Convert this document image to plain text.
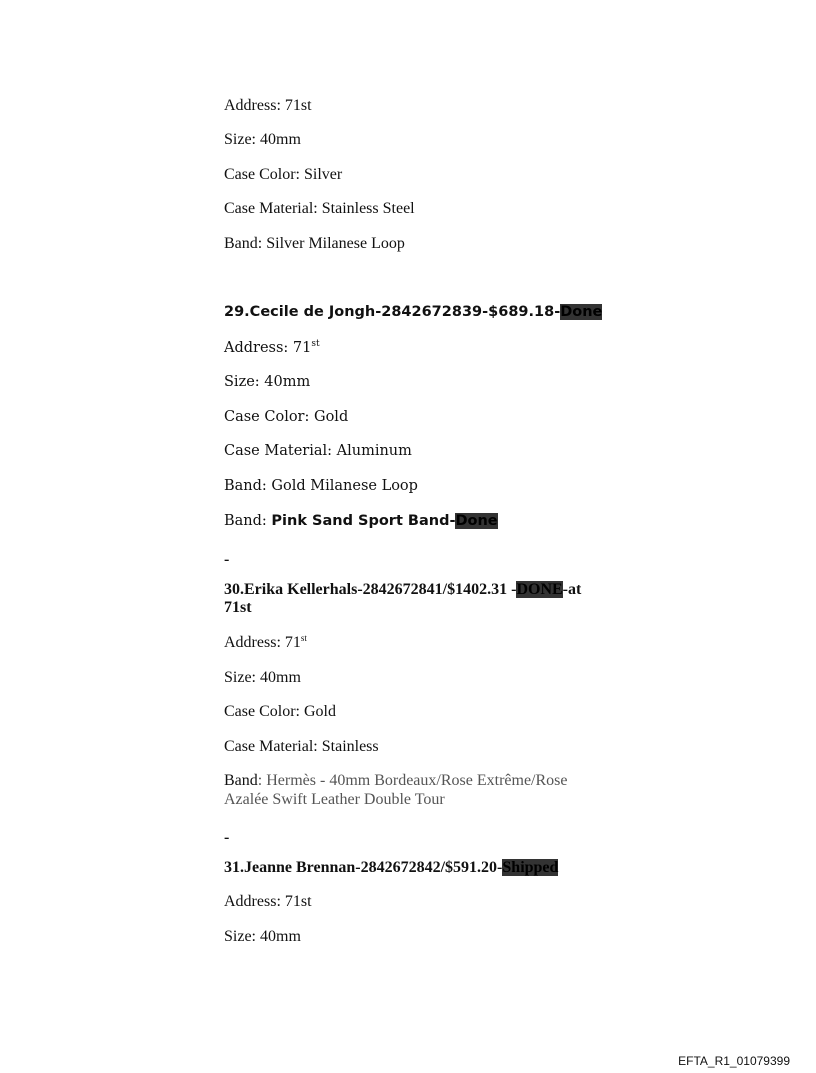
Address: 71st
Size: 40mm
Case Color: Silver
Case Material: Stainless Steel
Band: Silver Milanese Loop
29.Cecile de Jongh-2842672839-$689.18-Done
Address: 71st
Size: 40mm
Case Color: Gold
Case Material: Aluminum
Band: Gold Milanese Loop
Band: Pink Sand Sport Band-Done
-
30.Erika Kellerhals-2842672841/$1402.31 -DONE-at
71st
Address: 71st
Size: 40mm
Case Color: Gold
Case Material: Stainless
Band: Hermès - 40mm Bordeaux/Rose Extrême/Rose
Azalée Swift Leather Double Tour
-
31.Jeanne Brennan-2842672842/$591.20-Shipped
Address: 71st
Size: 40mm
EFTA_R1_01079399
